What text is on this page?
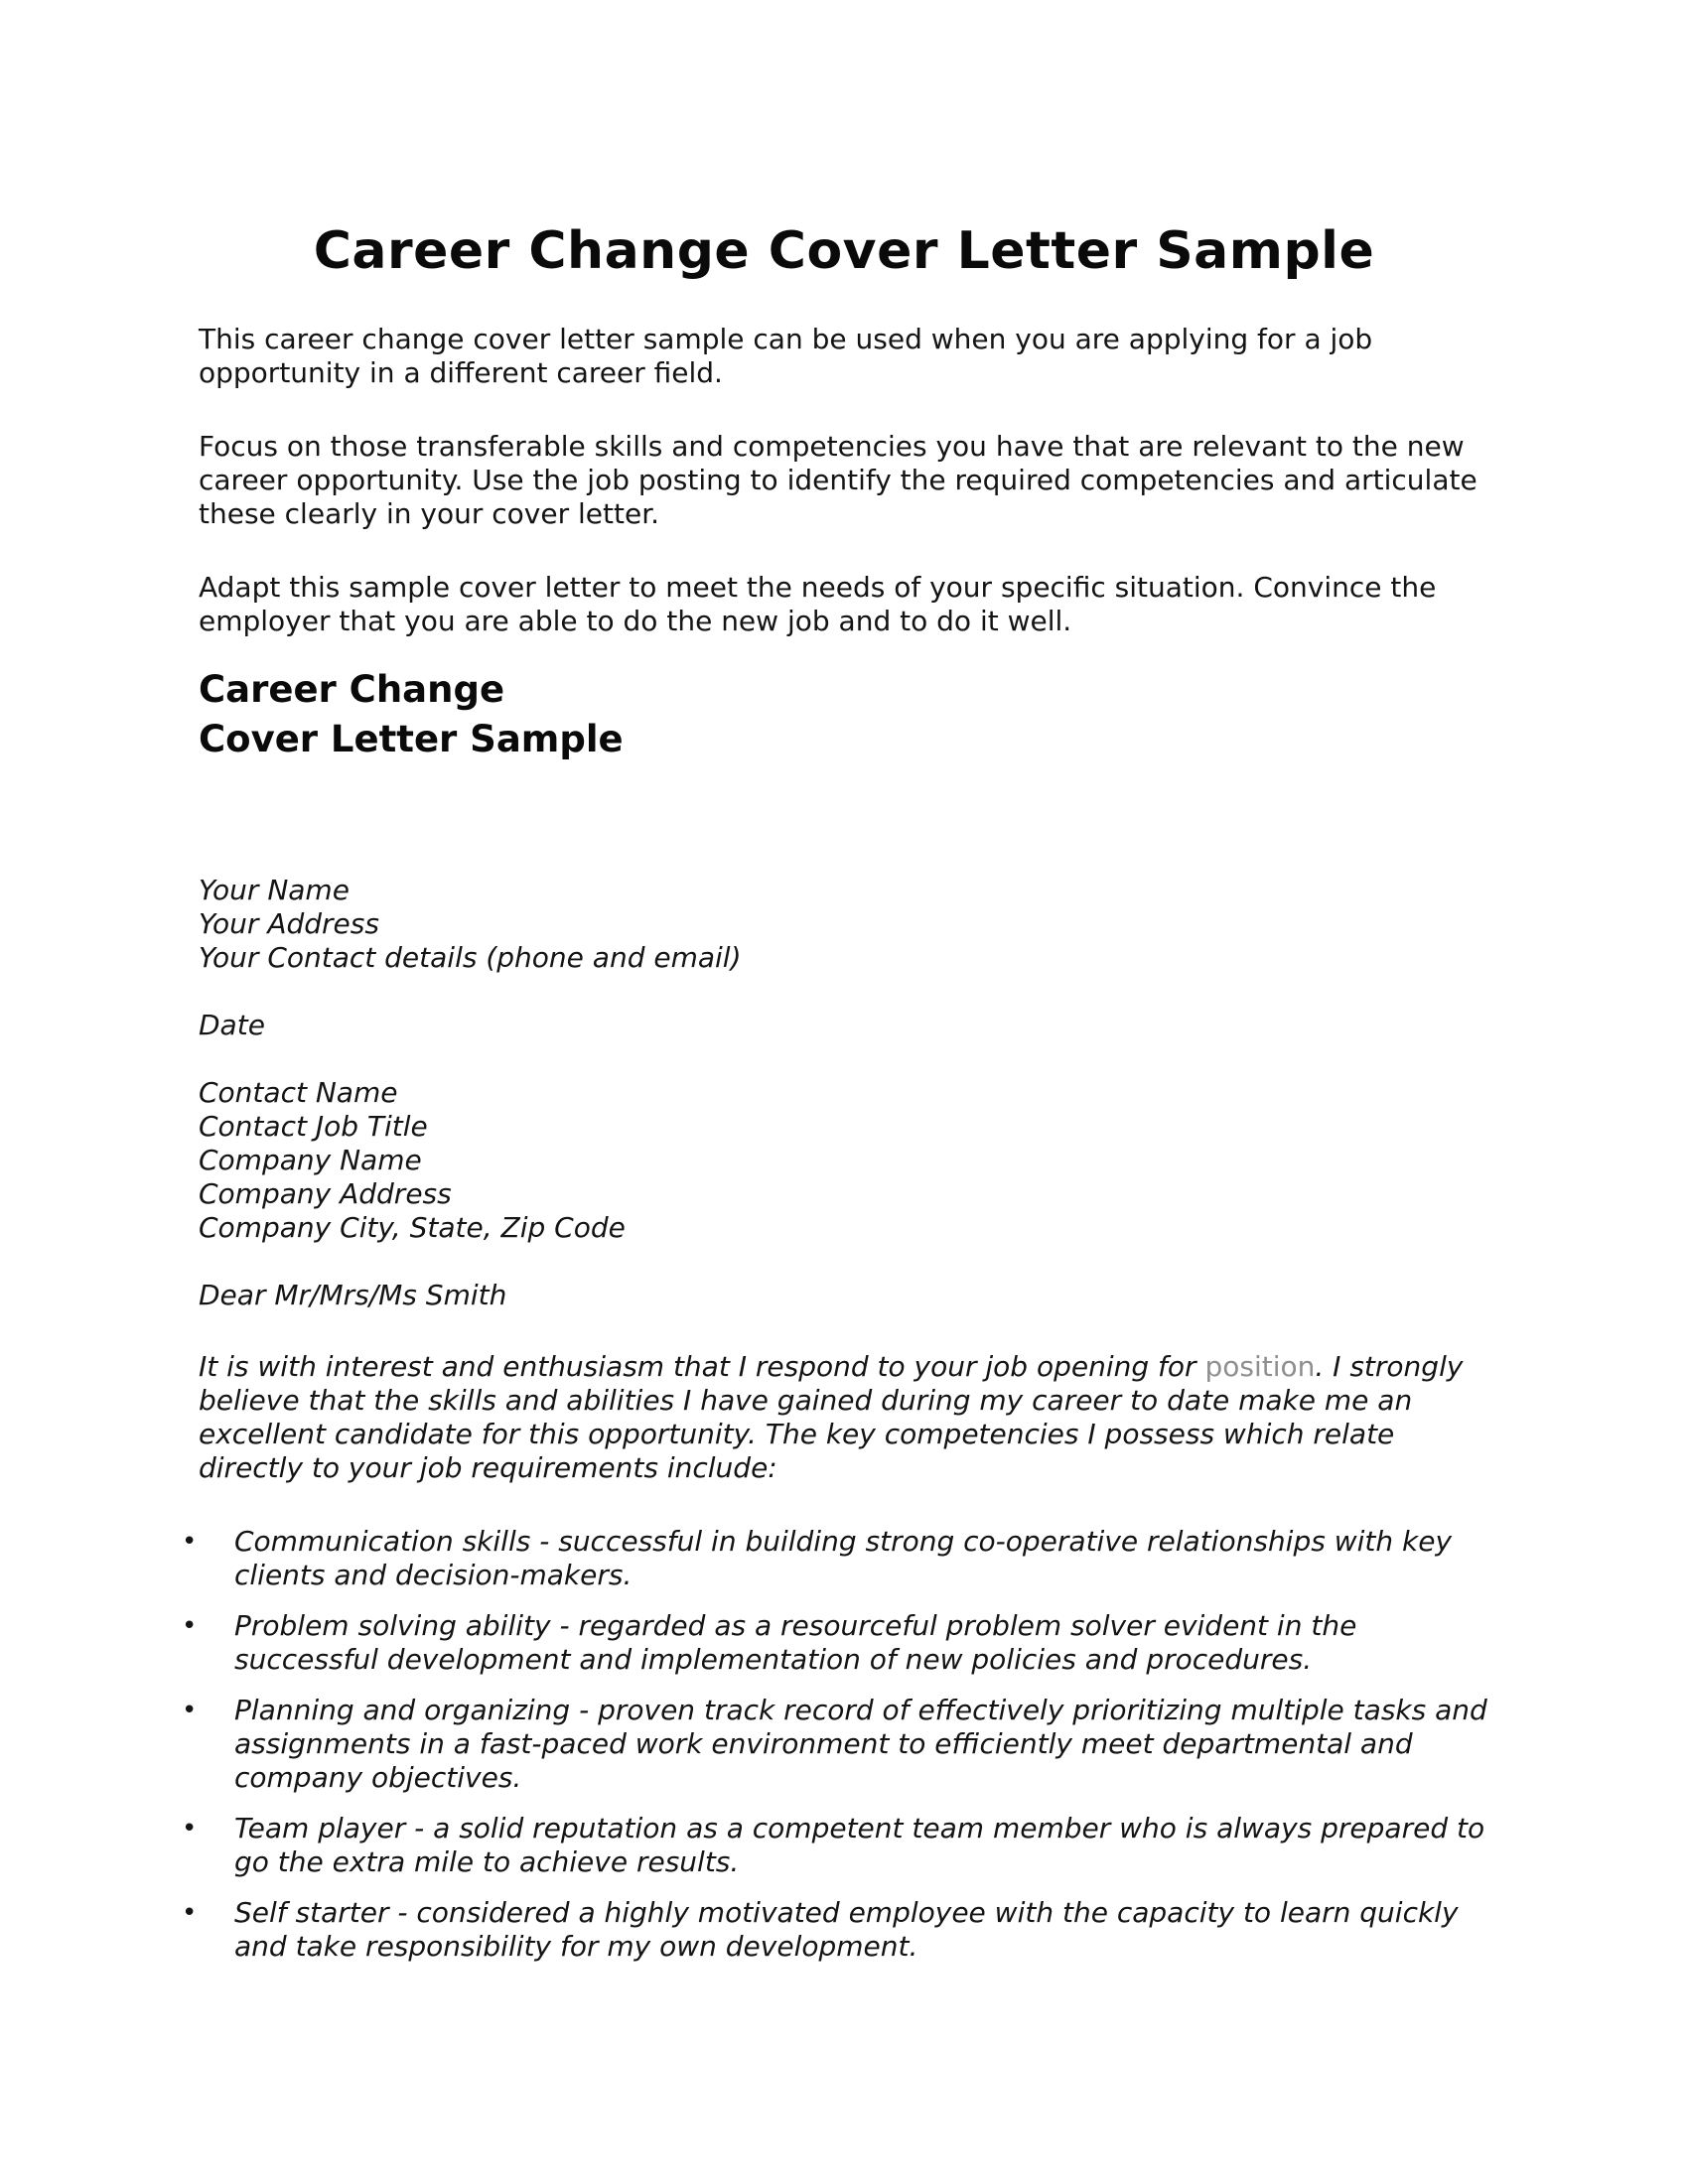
Career Change Cover Letter Sample

This career change cover letter sample can be used when you are applying for a job opportunity in a different career field.

Focus on those transferable skills and competencies you have that are relevant to the new career opportunity. Use the job posting to identify the required competencies and articulate these clearly in your cover letter.

Adapt this sample cover letter to meet the needs of your specific situation. Convince the employer that you are able to do the new job and to do it well.

Career Change
Cover Letter Sample
Your Name
Your Address
Your Contact details (phone and email)
Date
Contact Name
Contact Job Title
Company Name
Company Address
Company City, State, Zip Code
Dear Mr/Mrs/Ms Smith

It is with interest and enthusiasm that I respond to your job opening for position. I strongly believe that the skills and abilities I have gained during my career to date make me an excellent candidate for this opportunity. The key competencies I possess which relate directly to your job requirements include:

• Communication skills - successful in building strong co-operative relationships with key clients and decision-makers.
• Problem solving ability - regarded as a resourceful problem solver evident in the successful development and implementation of new policies and procedures.
• Planning and organizing - proven track record of effectively prioritizing multiple tasks and assignments in a fast-paced work environment to efficiently meet departmental and company objectives.
• Team player - a solid reputation as a competent team member who is always prepared to go the extra mile to achieve results.
• Self starter - considered a highly motivated employee with the capacity to learn quickly and take responsibility for my own development.
